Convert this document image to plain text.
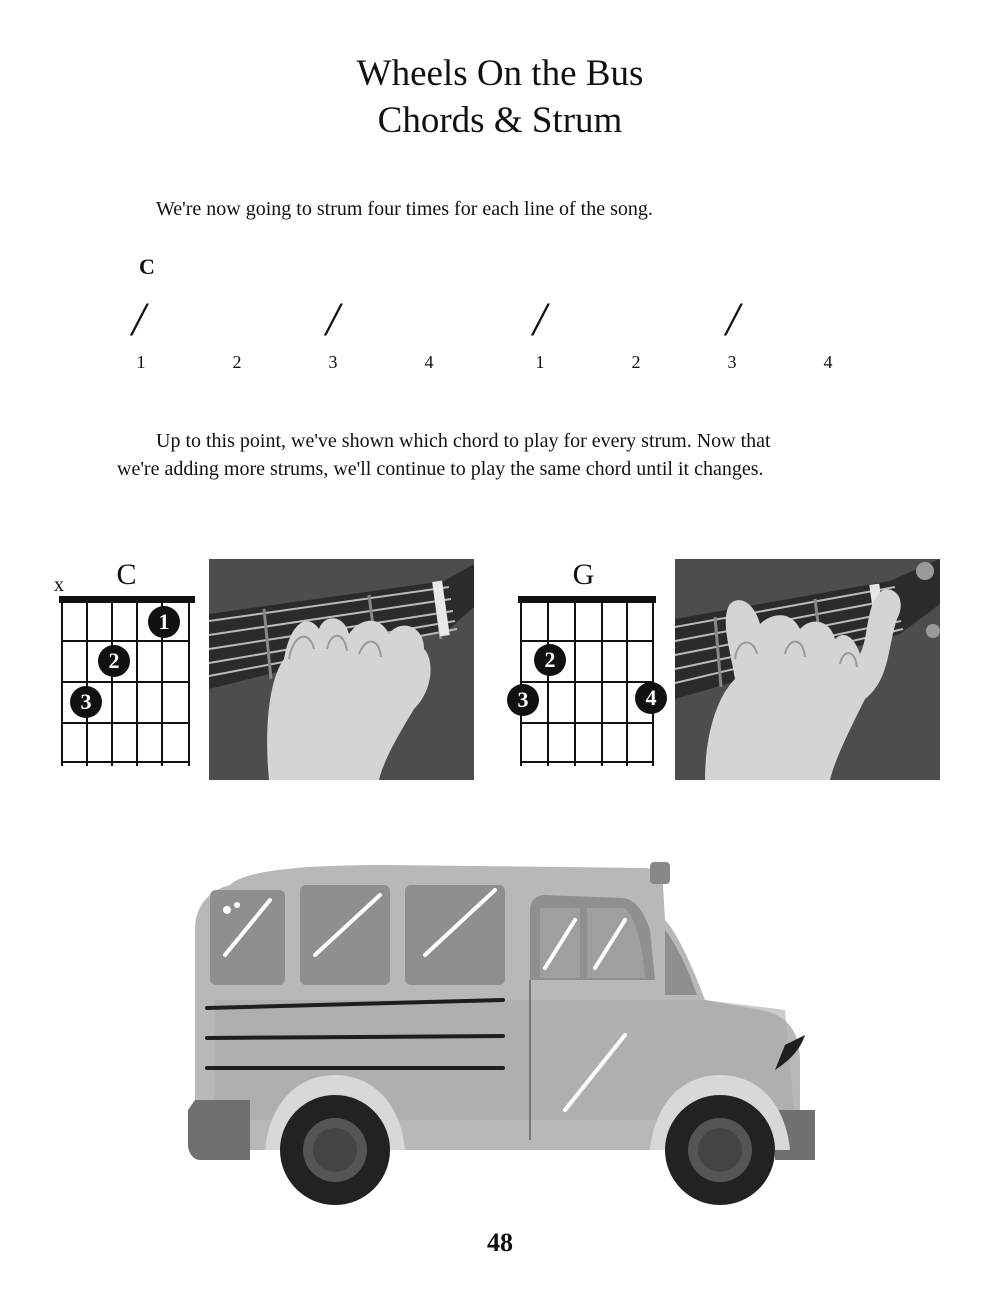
Wheels On the Bus
Chords & Strum
We're now going to strum four times for each line of the song.
C
/	/	/	/
1	2	3	4	1	2	3	4
Up to this point, we've shown which chord to play for every strum. Now that
we're adding more strums, we'll continue to play the same chord until it changes.
x	C
1
2
3
G
2
3	4
48
